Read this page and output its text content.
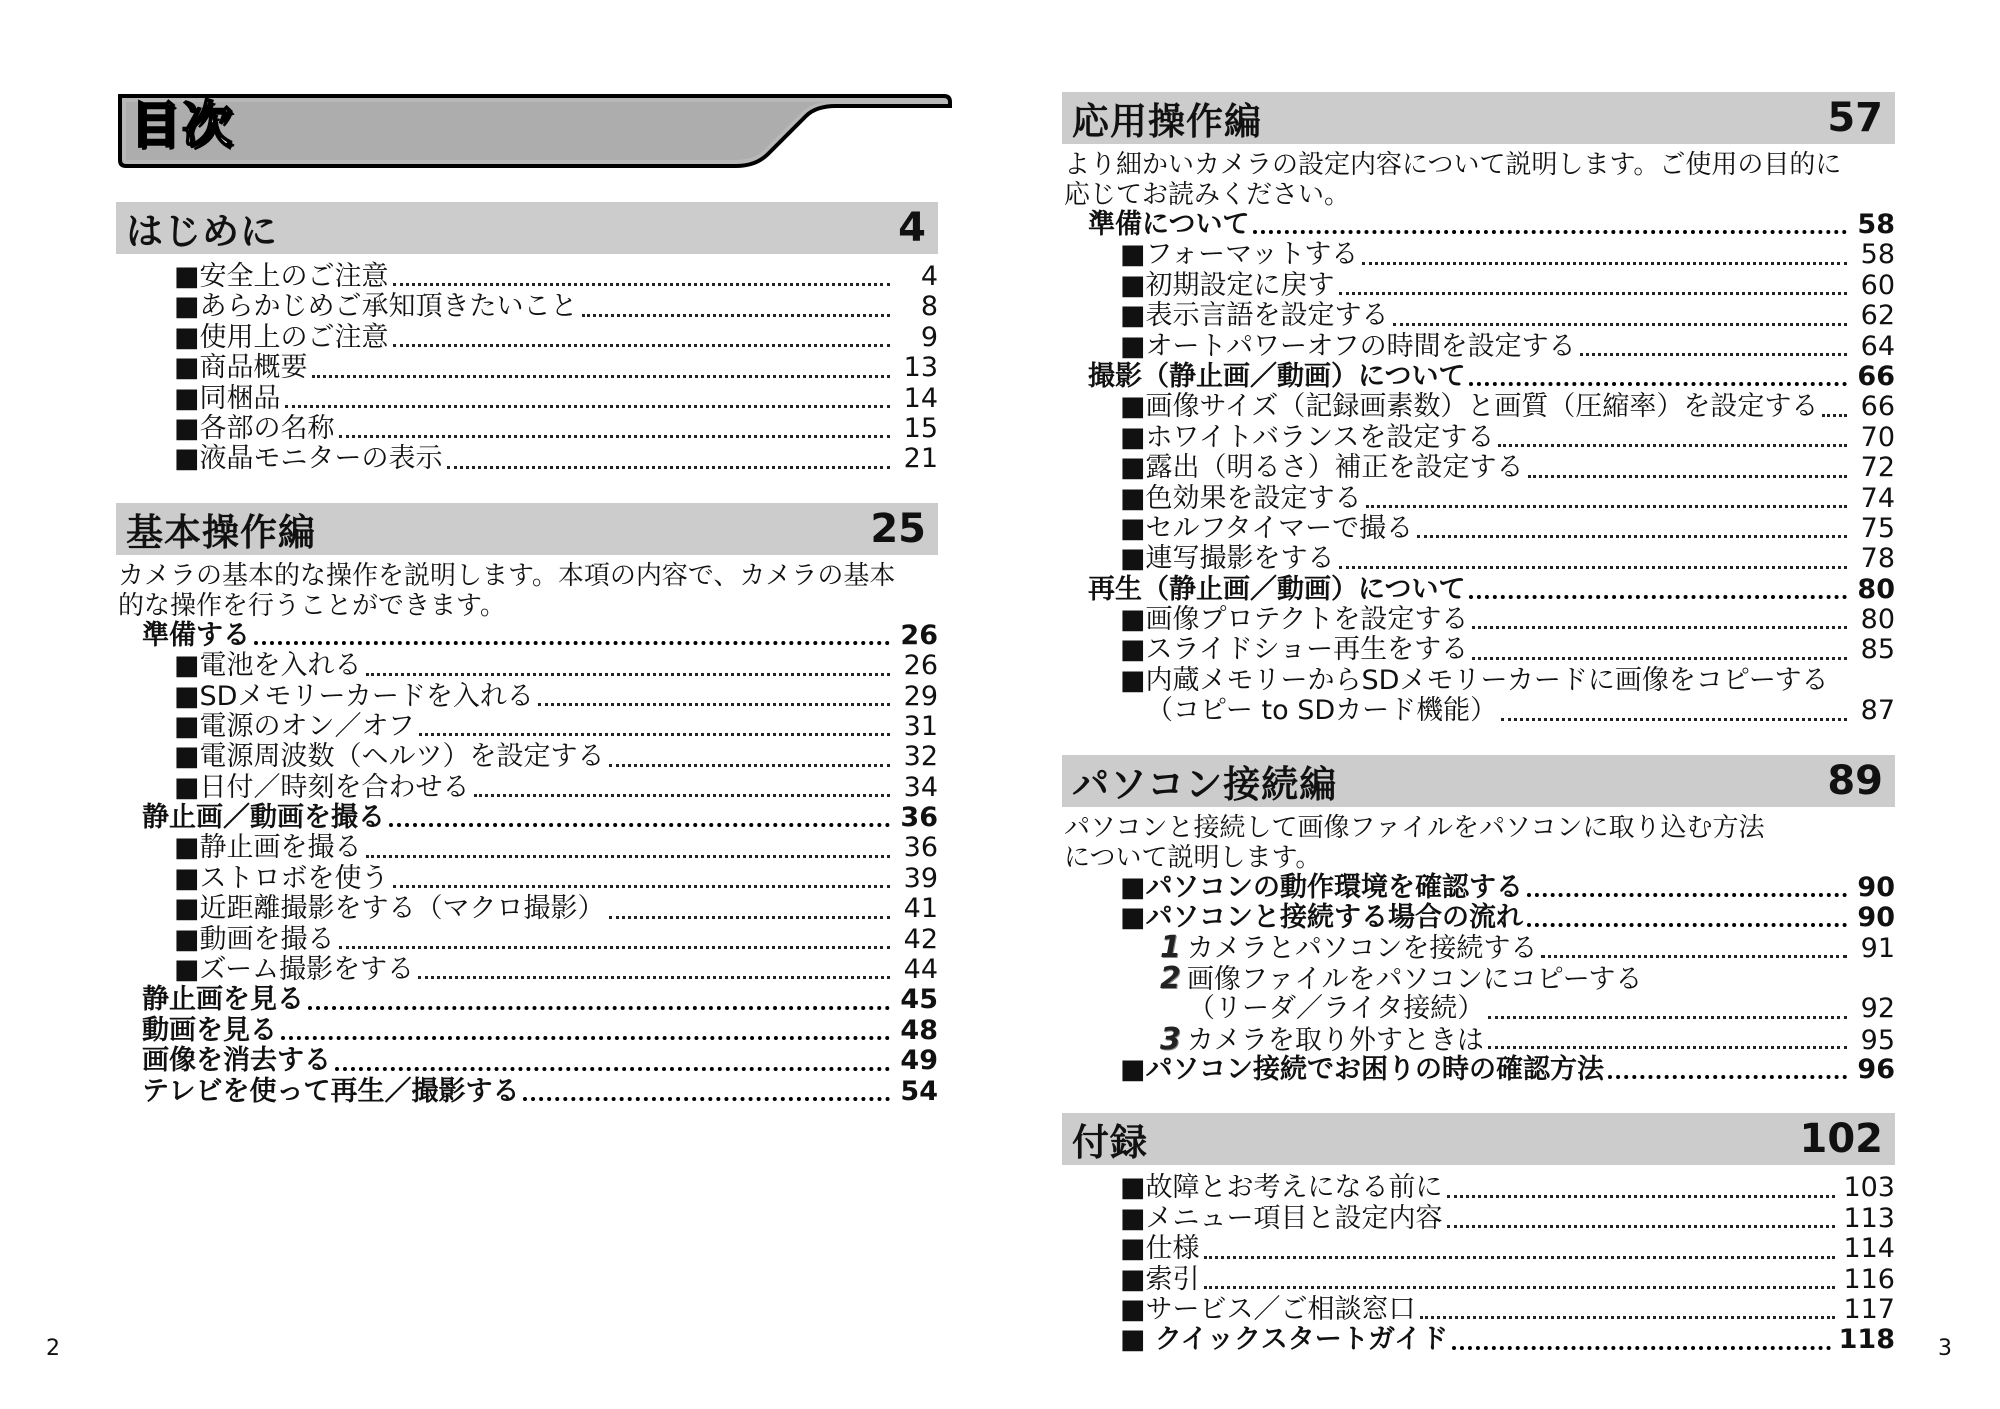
目次
はじめに	4
■安全上のご注意	4
■あらかじめご承知頂きたいこと	8
■使用上のご注意	9
■商品概要	13
■同梱品	14
■各部の名称	15
■液晶モニターの表示	21
基本操作編	25
カメラの基本的な操作を説明します。本項の内容で、カメラの基本
的な操作を行うことができます。
準備する	26
■電池を入れる	26
■SDメモリーカードを入れる	29
■電源のオン／オフ	31
■電源周波数（ヘルツ）を設定する	32
■日付／時刻を合わせる	34
静止画／動画を撮る	36
■静止画を撮る	36
■ストロボを使う	39
■近距離撮影をする（マクロ撮影）	41
■動画を撮る	42
■ズーム撮影をする	44
静止画を見る	45
動画を見る	48
画像を消去する	49
テレビを使って再生／撮影する	54
応用操作編	57
より細かいカメラの設定内容について説明します。ご使用の目的に
応じてお読みください。
準備について	58
■フォーマットする	58
■初期設定に戻す	60
■表示言語を設定する	62
■オートパワーオフの時間を設定する	64
撮影（静止画／動画）について	66
■画像サイズ（記録画素数）と画質（圧縮率）を設定する 66
■ホワイトバランスを設定する	70
■露出（明るさ）補正を設定する	72
■色効果を設定する	74
■セルフタイマーで撮る	75
■連写撮影をする	78
再生（静止画／動画）について	80
■画像プロテクトを設定する	80
■スライドショー再生をする	85
■内蔵メモリーからSDメモリーカードに画像をコピーする
（コピー to SDカード機能）	87
パソコン接続編	89
パソコンと接続して画像ファイルをパソコンに取り込む方法
について説明します。
■パソコンの動作環境を確認する	90
■パソコンと接続する場合の流れ	90
1 カメラとパソコンを接続する	91
2 画像ファイルをパソコンにコピーする
（リーダ／ライタ接続）	92
3 カメラを取り外すときは	95
■パソコン接続でお困りの時の確認方法	96
付録	102
■故障とお考えになる前に	103
■メニュー項目と設定内容	113
■仕様	114
■索引	116
■サービス／ご相談窓口	117
■ クイックスタートガイド	118
2	3
